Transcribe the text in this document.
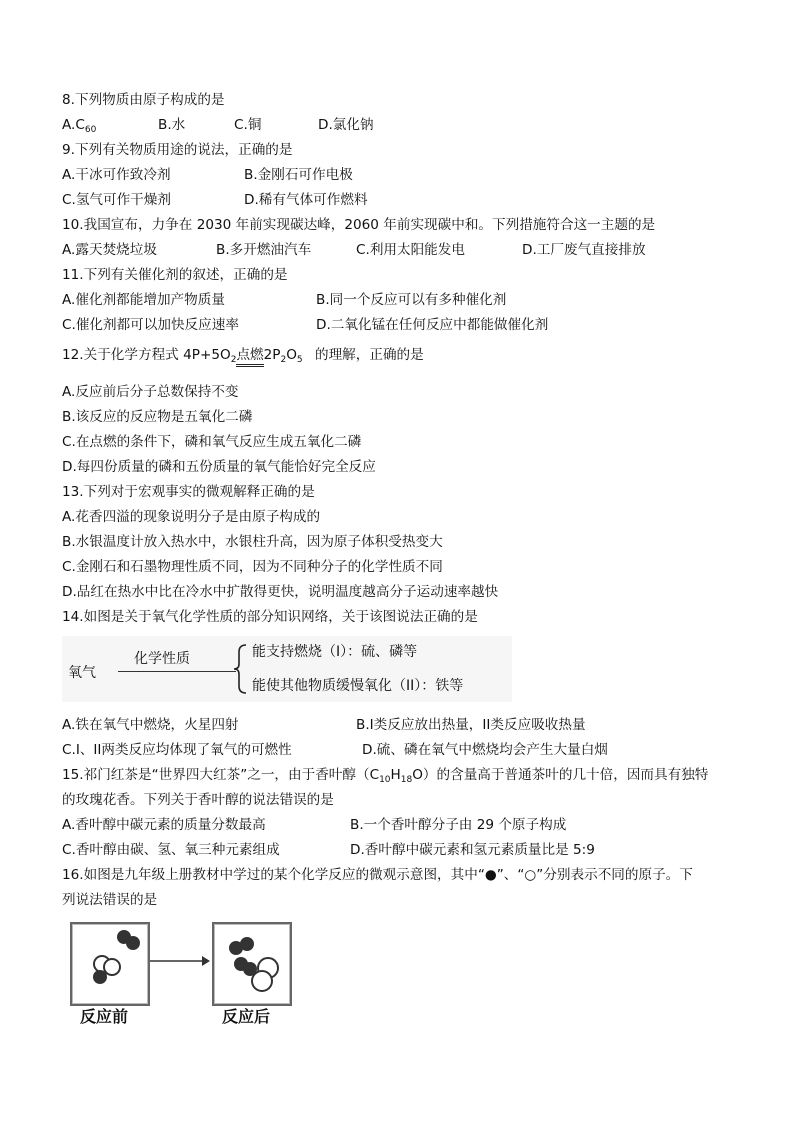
8.下列物质由原子构成的是
$A.C_{60}$	B.水	C.铜	D.氯化钠
9.下列有关物质用途的说法，正确的是
A.干冰可作致冷剂	B.金刚石可作电极
C.氢气可作干燥剂	D.稀有气体可作燃料
10.我国宣布，力争在 2030 年前实现碳达峰，2060 年前实现碳中和。下列措施符合这一主题的是
A.露天焚烧垃圾	B.多开燃油汽车	C.利用太阳能发电	D.工厂废气直接排放
11.下列有关催化剂的叙述，正确的是
A.催化剂都能增加产物质量	B.同一个反应可以有多种催化剂
C.催化剂都可以加快反应速率	D.二氧化锰在任何反应中都能做催化剂
12.关于化学方程式 $4P+5O_2$点燃$2P_2O_5$ 的理解，正确的是
A.反应前后分子总数保持不变
B.该反应的反应物是五氧化二磷
C.在点燃的条件下，磷和氧气反应生成五氧化二磷
D.每四份质量的磷和五份质量的氧气能恰好完全反应
13.下列对于宏观事实的微观解释正确的是
A.花香四溢的现象说明分子是由原子构成的
B.水银温度计放入热水中，水银柱升高，因为原子体积受热变大
C.金刚石和石墨物理性质不同，因为不同种分子的化学性质不同
D.品红在热水中比在冷水中扩散得更快，说明温度越高分子运动速率越快
14.如图是关于氧气化学性质的部分知识网络，关于该图说法正确的是
氧气
化学性质	能支持燃烧（I）：硫、磷等
能使其他物质缓慢氧化（II）：铁等
A.铁在氧气中燃烧，火星四射	B.I类反应放出热量，II类反应吸收热量
C.I、II两类反应均体现了氧气的可燃性	D.硫、磷在氧气中燃烧均会产生大量白烟
15.祁门红茶是“世界四大红茶”之一，由于香叶醇$(C_{10}H_{18}O)$的含量高于普通茶叶的几十倍，因而具有独特
的玫瑰花香。下列关于香叶醇的说法错误的是
A.香叶醇中碳元素的质量分数最高	B.一个香叶醇分子由 29 个原子构成
C.香叶醇由碳、氢、氧三种元素组成	D.香叶醇中碳元素和氢元素质量比是 5:9
16.如图是九年级上册教材中学过的某个化学反应的微观示意图，其中“●”、“○”分别表示不同的原子。下
列说法错误的是
反应前	反应后
